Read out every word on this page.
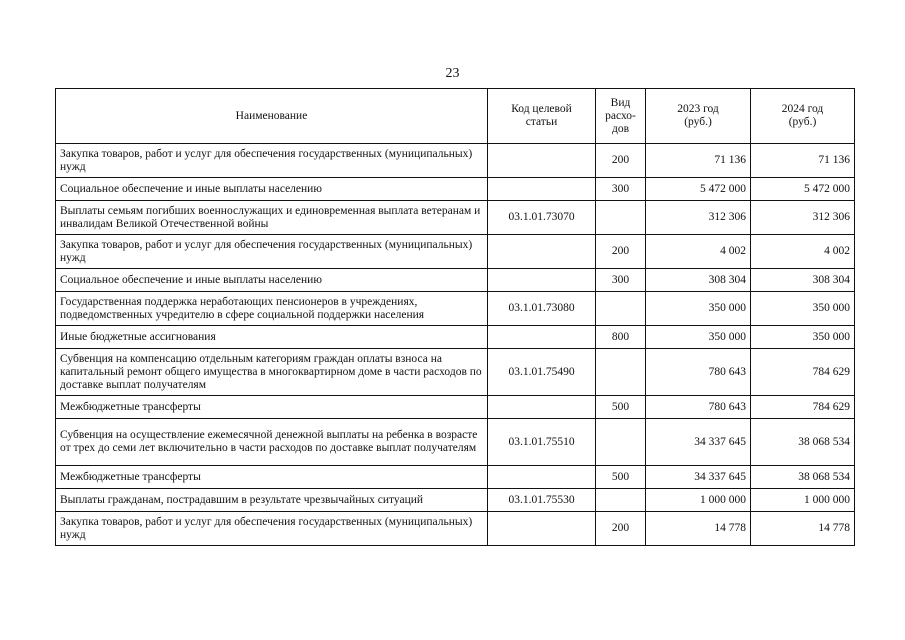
23
Наименование	Код целевой статьи	Вид расхо-дов	2023 год (руб.)	2024 год (руб.)
Закупка товаров, работ и услуг для обеспечения государственных (муниципальных) нужд		200	71 136	71 136
Социальное обеспечение и иные выплаты населению		300	5 472 000	5 472 000
Выплаты семьям погибших военнослужащих и единовременная выплата ветеранам и инвалидам Великой Отечественной войны	03.1.01.73070		312 306	312 306
Закупка товаров, работ и услуг для обеспечения государственных (муниципальных) нужд		200	4 002	4 002
Социальное обеспечение и иные выплаты населению		300	308 304	308 304
Государственная поддержка неработающих пенсионеров в учреждениях, подведомственных учредителю в сфере социальной поддержки населения	03.1.01.73080		350 000	350 000
Иные бюджетные ассигнования		800	350 000	350 000
Субвенция на компенсацию отдельным категориям граждан оплаты взноса на капитальный ремонт общего имущества в многоквартирном доме в части расходов по доставке выплат получателям	03.1.01.75490		780 643	784 629
Межбюджетные трансферты		500	780 643	784 629
Субвенция на осуществление ежемесячной денежной выплаты на ребенка в возрасте от трех до семи лет включительно в части расходов по доставке выплат получателям	03.1.01.75510		34 337 645	38 068 534
Межбюджетные трансферты		500	34 337 645	38 068 534
Выплаты гражданам, пострадавшим в результате чрезвычайных ситуаций	03.1.01.75530		1 000 000	1 000 000
Закупка товаров, работ и услуг для обеспечения государственных (муниципальных) нужд		200	14 778	14 778
